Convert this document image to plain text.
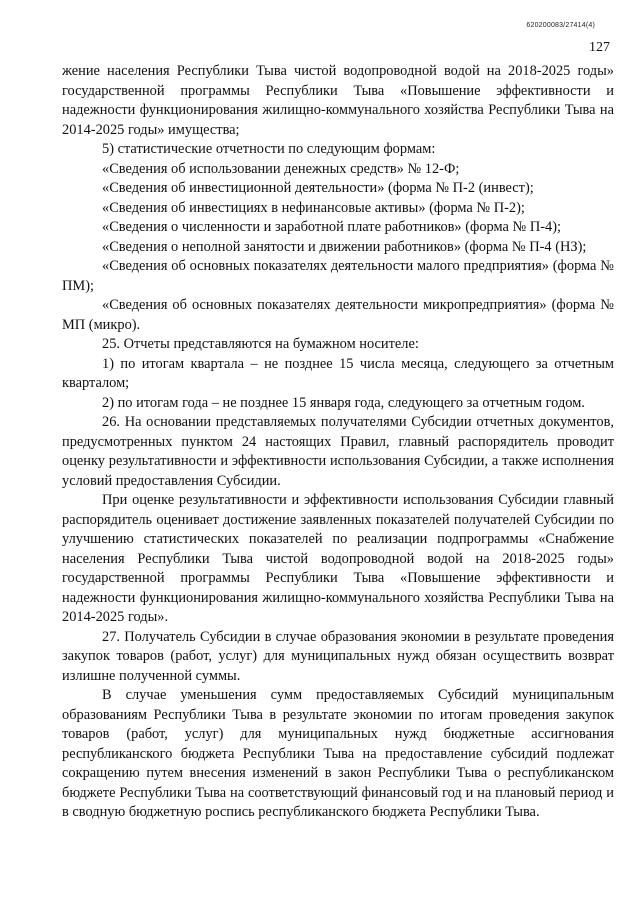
620200083/27414(4)
127

жение населения Республики Тыва чистой водопроводной водой на 2018-2025 годы» государственной программы Республики Тыва «Повышение эффективности и надежности функционирования жилищно-коммунального хозяйства Республики Тыва на 2014-2025 годы» имущества;

5) статистические отчетности по следующим формам:

«Сведения об использовании денежных средств» № 12-Ф;

«Сведения об инвестиционной деятельности» (форма № П-2 (инвест);

«Сведения об инвестициях в нефинансовые активы» (форма № П-2);

«Сведения о численности и заработной плате работников» (форма № П-4);

«Сведения о неполной занятости и движении работников» (форма № П-4 (НЗ);

«Сведения об основных показателях деятельности малого предприятия» (форма № ПМ);

«Сведения об основных показателях деятельности микропредприятия» (форма № МП (микро).

25. Отчеты представляются на бумажном носителе:

1) по итогам квартала – не позднее 15 числа месяца, следующего за отчетным кварталом;

2) по итогам года – не позднее 15 января года, следующего за отчетным годом.

26. На основании представляемых получателями Субсидии отчетных документов, предусмотренных пунктом 24 настоящих Правил, главный распорядитель проводит оценку результативности и эффективности использования Субсидии, а также исполнения условий предоставления Субсидии.

При оценке результативности и эффективности использования Субсидии главный распорядитель оценивает достижение заявленных показателей получателей Субсидии по улучшению статистических показателей по реализации подпрограммы «Снабжение населения Республики Тыва чистой водопроводной водой на 2018-2025 годы» государственной программы Республики Тыва «Повышение эффективности и надежности функционирования жилищно-коммунального хозяйства Республики Тыва на 2014-2025 годы».

27. Получатель Субсидии в случае образования экономии в результате проведения закупок товаров (работ, услуг) для муниципальных нужд обязан осуществить возврат излишне полученной суммы.

В случае уменьшения сумм предоставляемых Субсидий муниципальным образованиям Республики Тыва в результате экономии по итогам проведения закупок товаров (работ, услуг) для муниципальных нужд бюджетные ассигнования республиканского бюджета Республики Тыва на предоставление субсидий подлежат сокращению путем внесения изменений в закон Республики Тыва о республиканском бюджете Республики Тыва на соответствующий финансовый год и на плановый период и в сводную бюджетную роспись республиканского бюджета Республики Тыва.
